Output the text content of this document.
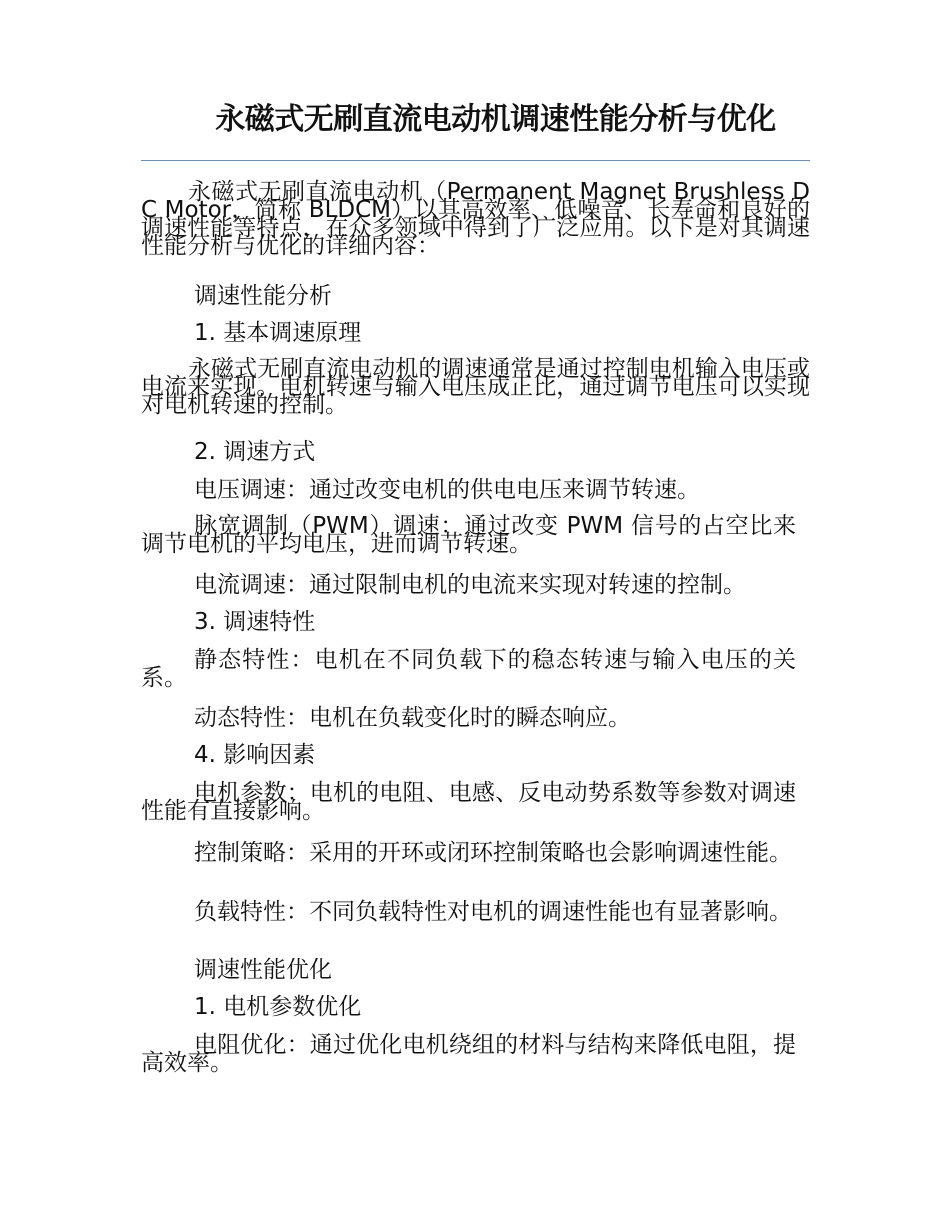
永磁式无刷直流电动机调速性能分析与优化

永磁式无刷直流电动机（Permanent Magnet Brushless DC Motor，简称 BLDCM）以其高效率、低噪音、长寿命和良好的调速性能等特点，在众多领域中得到了广泛应用。以下是对其调速性能分析与优化的详细内容：

调速性能分析

1. 基本调速原理

永磁式无刷直流电动机的调速通常是通过控制电机输入电压或电流来实现。电机转速与输入电压成正比，通过调节电压可以实现对电机转速的控制。

2. 调速方式

电压调速：通过改变电机的供电电压来调节转速。

脉宽调制（PWM）调速：通过改变 PWM 信号的占空比来调节电机的平均电压，进而调节转速。

电流调速：通过限制电机的电流来实现对转速的控制。

3. 调速特性

静态特性：电机在不同负载下的稳态转速与输入电压的关系。

动态特性：电机在负载变化时的瞬态响应。

4. 影响因素

电机参数：电机的电阻、电感、反电动势系数等参数对调速性能有直接影响。

控制策略：采用的开环或闭环控制策略也会影响调速性能。

负载特性：不同负载特性对电机的调速性能也有显著影响。

调速性能优化

1. 电机参数优化

电阻优化：通过优化电机绕组的材料与结构来降低电阻，提高效率。
